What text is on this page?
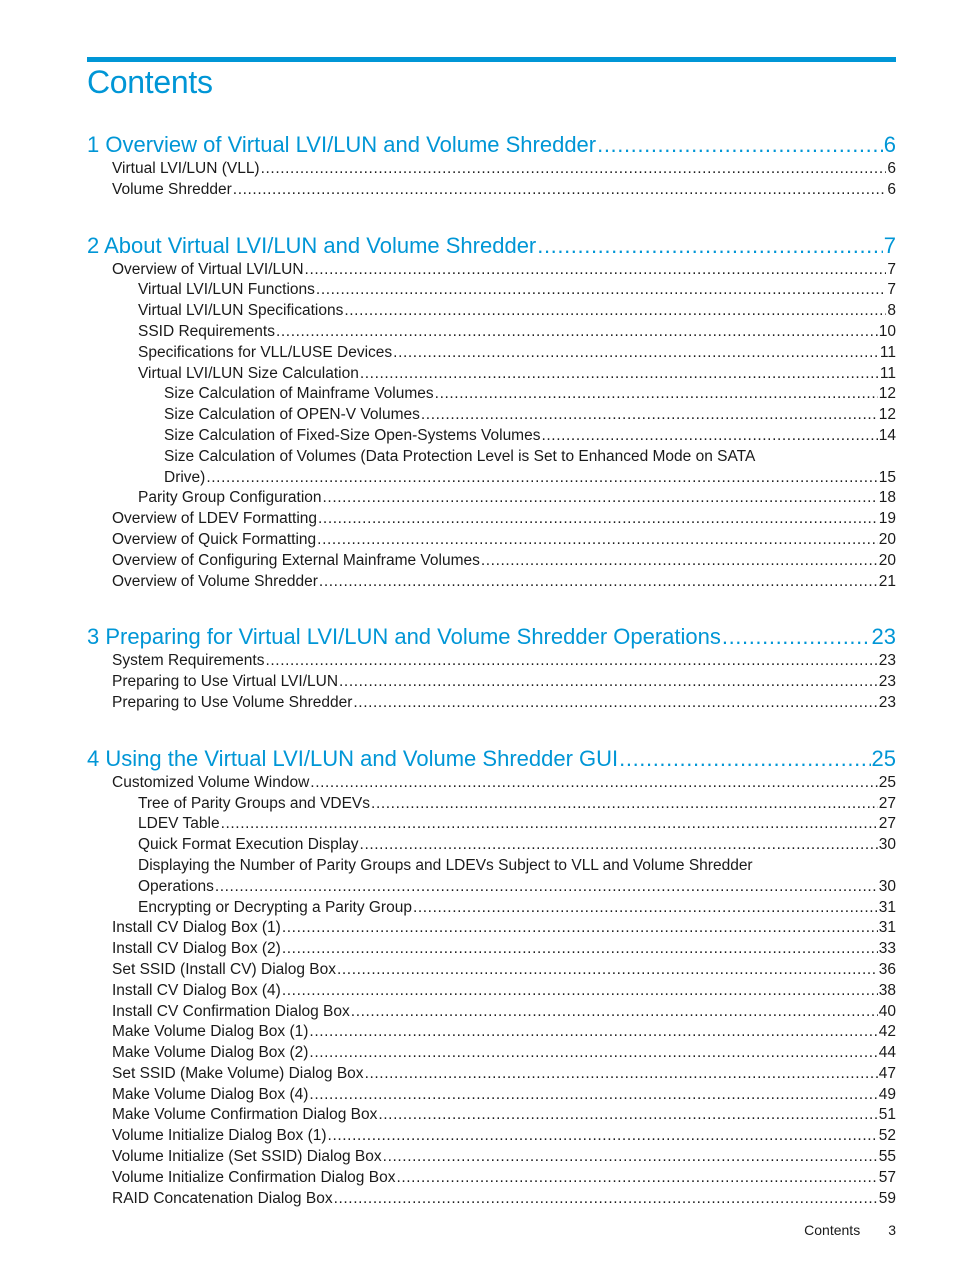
Contents
1 Overview of Virtual LVI/LUN and Volume Shredder .....	6
Virtual LVI/LUN (VLL) .....	6
Volume Shredder .....	6
2 About Virtual LVI/LUN and Volume Shredder .....	7
Overview of Virtual LVI/LUN .....	7
Virtual LVI/LUN Functions .....	7
Virtual LVI/LUN Specifications .....	8
SSID Requirements .....	10
Specifications for VLL/LUSE Devices .....	11
Virtual LVI/LUN Size Calculation .....	11
Size Calculation of Mainframe Volumes .....	12
Size Calculation of OPEN-V Volumes .....	12
Size Calculation of Fixed-Size Open-Systems Volumes .....	14
Size Calculation of Volumes (Data Protection Level is Set to Enhanced Mode on SATA
Drive) .....	15
Parity Group Configuration .....	18
Overview of LDEV Formatting .....	19
Overview of Quick Formatting .....	20
Overview of Configuring External Mainframe Volumes .....	20
Overview of Volume Shredder .....	21
3 Preparing for Virtual LVI/LUN and Volume Shredder Operations .....	23
System Requirements .....	23
Preparing to Use Virtual LVI/LUN .....	23
Preparing to Use Volume Shredder .....	23
4 Using the Virtual LVI/LUN and Volume Shredder GUI .....	25
Customized Volume Window .....	25
Tree of Parity Groups and VDEVs .....	27
LDEV Table .....	27
Quick Format Execution Display .....	30
Displaying the Number of Parity Groups and LDEVs Subject to VLL and Volume Shredder
Operations .....	30
Encrypting or Decrypting a Parity Group .....	31
Install CV Dialog Box (1) .....	31
Install CV Dialog Box (2) .....	33
Set SSID (Install CV) Dialog Box .....	36
Install CV Dialog Box (4) .....	38
Install CV Confirmation Dialog Box .....	40
Make Volume Dialog Box (1) .....	42
Make Volume Dialog Box (2) .....	44
Set SSID (Make Volume) Dialog Box .....	47
Make Volume Dialog Box (4) .....	49
Make Volume Confirmation Dialog Box .....	51
Volume Initialize Dialog Box (1) .....	52
Volume Initialize (Set SSID) Dialog Box .....	55
Volume Initialize Confirmation Dialog Box .....	57
RAID Concatenation Dialog Box .....	59
Contents 3
